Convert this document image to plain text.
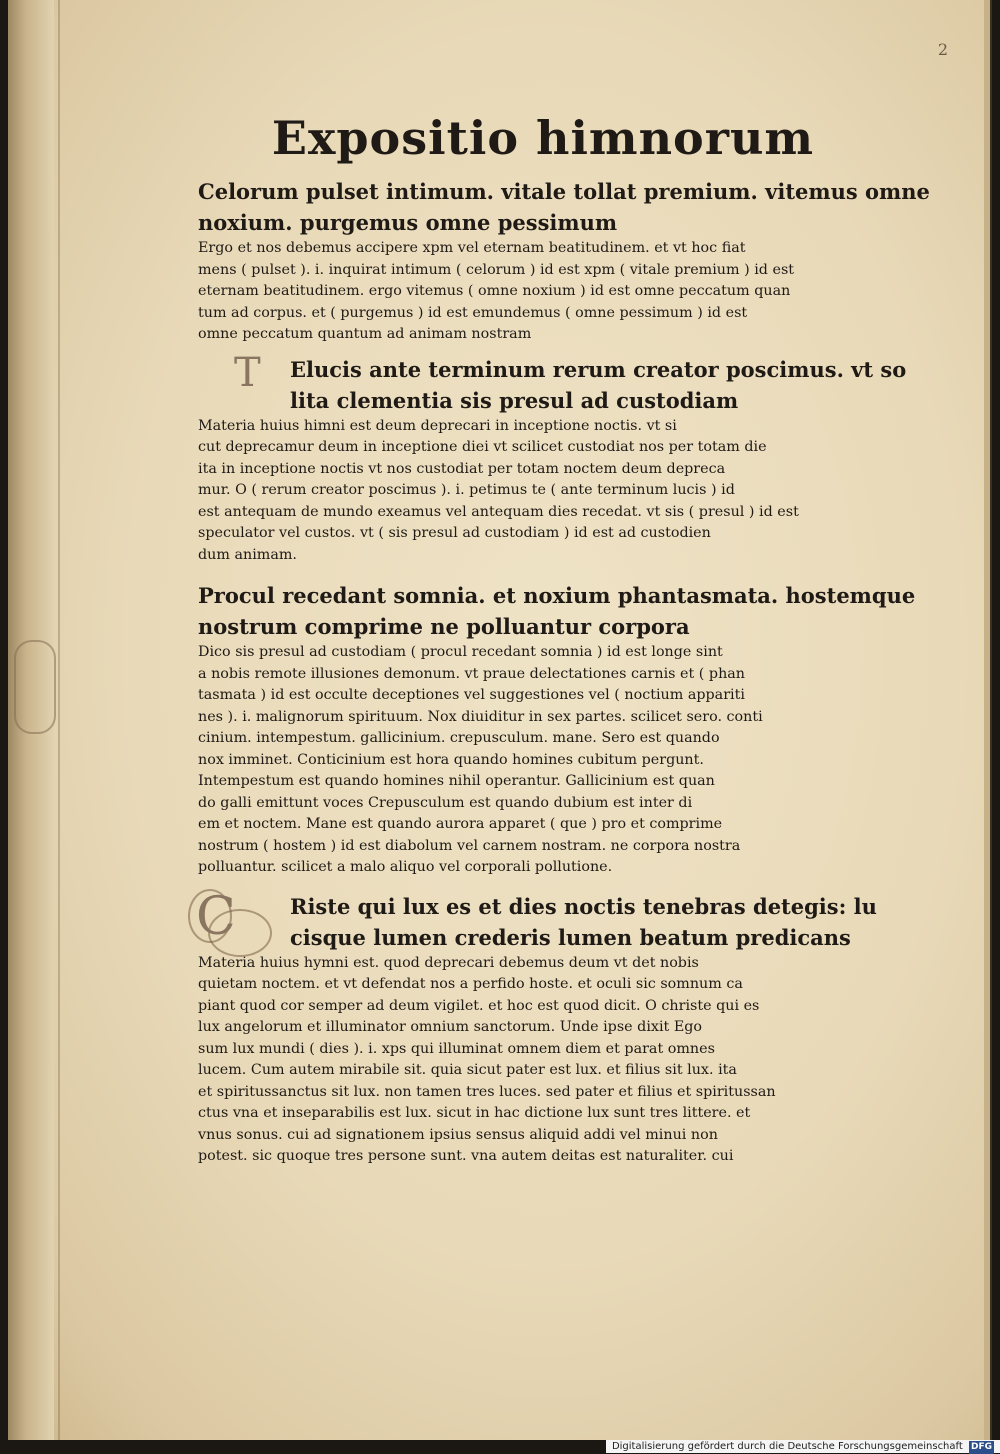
2
Expositio himnorum

Celorum pulset intimum. vitale tollat premium. vitemus omne

noxium. purgemus omne pessimum

Ergo et nos debemus accipere xpm vel eternam beatitudinem. et vt hoc fiat

mens ( pulset ). i. inquirat intimum ( celorum ) id est xpm ( vitale premium ) id est

eternam beatitudinem. ergo vitemus ( omne noxium ) id est omne peccatum quan

tum ad corpus. et ( purgemus ) id est emundemus ( omne pessimum ) id est

omne peccatum quantum ad animam nostram

T	Elucis ante terminum rerum creator poscimus. vt so

lita clementia sis presul ad custodiam

Materia huius himni est deum deprecari in inceptione noctis. vt si

cut deprecamur deum in inceptione diei vt scilicet custodiat nos per totam die

ita in inceptione noctis vt nos custodiat per totam noctem deum depreca

mur. O ( rerum creator poscimus ). i. petimus te ( ante terminum lucis ) id

est antequam de mundo exeamus vel antequam dies recedat. vt sis ( presul ) id est

speculator vel custos. vt ( sis presul ad custodiam ) id est ad custodien

dum animam.

Procul recedant somnia. et noxium phantasmata. hostemque

nostrum comprime ne polluantur corpora

Dico sis presul ad custodiam ( procul recedant somnia ) id est longe sint

a nobis remote illusiones demonum. vt praue delectationes carnis et ( phan

tasmata ) id est occulte deceptiones vel suggestiones vel ( noctium appariti

nes ). i. malignorum spirituum. Nox diuiditur in sex partes. scilicet sero. conti

cinium. intempestum. gallicinium. crepusculum. mane. Sero est quando

nox imminet. Conticinium est hora quando homines cubitum pergunt.

Intempestum est quando homines nihil operantur. Gallicinium est quan

do galli emittunt voces Crepusculum est quando dubium est inter di

em et noctem. Mane est quando aurora apparet ( que ) pro et comprime

nostrum ( hostem ) id est diabolum vel carnem nostram. ne corpora nostra

polluantur. scilicet a malo aliquo vel corporali pollutione.

C	Riste qui lux es et dies noctis tenebras detegis: lu

cisque lumen crederis lumen beatum predicans

Materia huius hymni est. quod deprecari debemus deum vt det nobis

quietam noctem. et vt defendat nos a perfido hoste. et oculi sic somnum ca

piant quod cor semper ad deum vigilet. et hoc est quod dicit. O christe qui es

lux angelorum et illuminator omnium sanctorum. Unde ipse dixit Ego

sum lux mundi ( dies ). i. xps qui illuminat omnem diem et parat omnes

lucem. Cum autem mirabile sit. quia sicut pater est lux. et filius sit lux. ita

et spiritussanctus sit lux. non tamen tres luces. sed pater et filius et spiritussan

ctus vna et inseparabilis est lux. sicut in hac dictione lux sunt tres littere. et

vnus sonus. cui ad signationem ipsius sensus aliquid addi vel minui non

potest. sic quoque tres persone sunt. vna autem deitas est naturaliter. cui

Digitalisierung gefördert durch die Deutsche Forschungsgemeinschaft DFG
